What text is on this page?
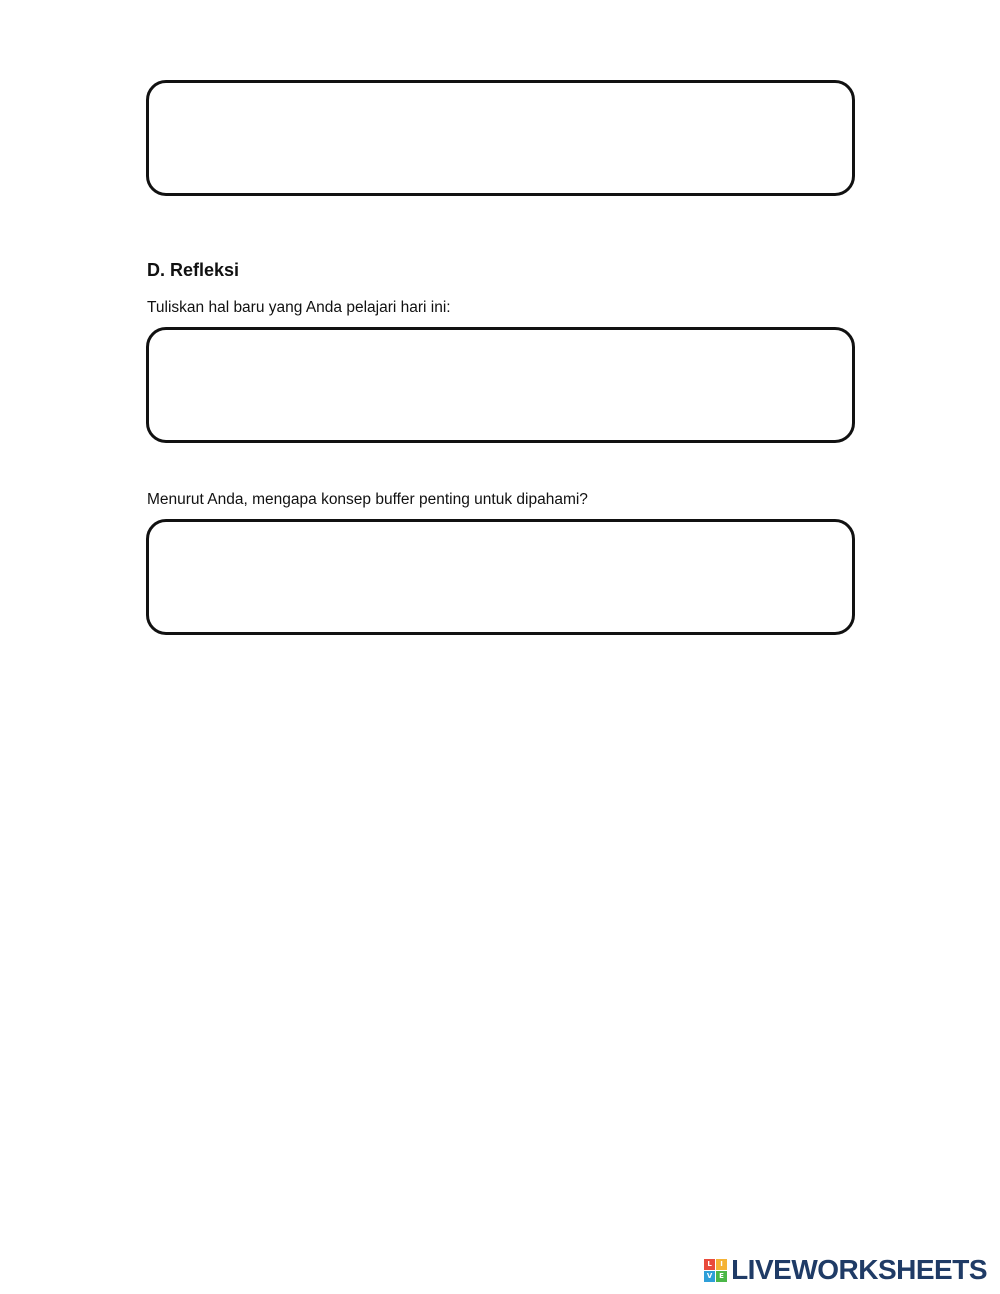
D. Refleksi

Tuliskan hal baru yang Anda pelajari hari ini:

Menurut Anda, mengapa konsep buffer penting untuk dipahami?

L	I
V E LIVEWORKSHEETS
